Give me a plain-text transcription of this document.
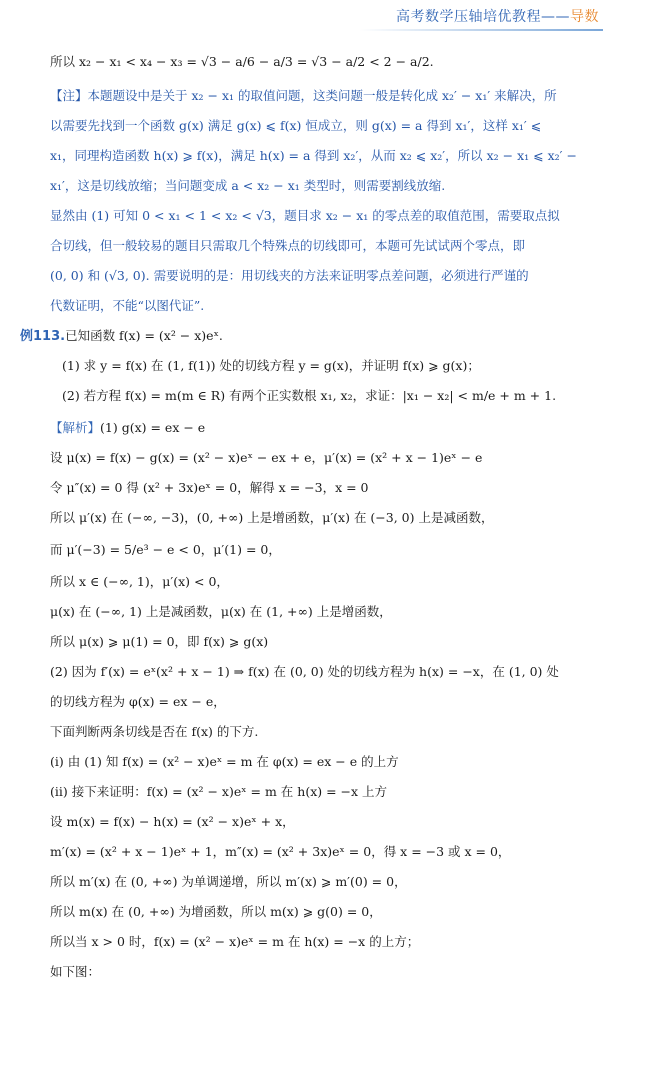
高考数学压轴培优教程——导数
所以 x₂ − x₁ < x₄ − x₃ = √3 − a/6 − a/3 = √3 − a/2 < 2 − a/2.
【注】本题题设中是关于 x₂ − x₁ 的取值问题，这类问题一般是转化成 x₂′ − x₁′ 来解决，所
以需要先找到一个函数 g(x) 满足 g(x) ⩽ f(x) 恒成立，则 g(x) = a 得到 x₁′，这样 x₁′ ⩽
x₁，同理构造函数 h(x) ⩾ f(x)，满足 h(x) = a 得到 x₂′，从而 x₂ ⩽ x₂′，所以 x₂ − x₁ ⩽ x₂′ −
x₁′，这是切线放缩；当问题变成 a < x₂ − x₁ 类型时，则需要割线放缩.
显然由 (1) 可知 0 < x₁ < 1 < x₂ < √3，题目求 x₂ − x₁ 的零点差的取值范围，需要取点拟
合切线，但一般较易的题目只需取几个特殊点的切线即可，本题可先试试两个零点，即
(0, 0) 和 (√3, 0). 需要说明的是：用切线夹的方法来证明零点差问题，必须进行严谨的
代数证明，不能“以图代证”.
例113.已知函数 f(x) = (x² − x)eˣ.
(1) 求 y = f(x) 在 (1, f(1)) 处的切线方程 y = g(x)，并证明 f(x) ⩾ g(x)；
(2) 若方程 f(x) = m(m ∈ R) 有两个正实数根 x₁, x₂，求证：|x₁ − x₂| < m/e + m + 1.
【解析】(1) g(x) = ex − e
设 μ(x) = f(x) − g(x) = (x² − x)eˣ − ex + e，μ′(x) = (x² + x − 1)eˣ − e
令 μ″(x) = 0 得 (x² + 3x)eˣ = 0，解得 x = −3，x = 0
所以 μ′(x) 在 (−∞, −3)，(0, +∞) 上是增函数，μ′(x) 在 (−3, 0) 上是减函数，
而 μ′(−3) = 5/e³ − e < 0，μ′(1) = 0，
所以 x ∈ (−∞, 1)，μ′(x) < 0，
μ(x) 在 (−∞, 1) 上是减函数，μ(x) 在 (1, +∞) 上是增函数，
所以 μ(x) ⩾ μ(1) = 0，即 f(x) ⩾ g(x)
(2) 因为 f′(x) = eˣ(x² + x − 1) ⇒ f(x) 在 (0, 0) 处的切线方程为 h(x) = −x，在 (1, 0) 处
的切线方程为 φ(x) = ex − e，
下面判断两条切线是否在 f(x) 的下方.
(i) 由 (1) 知 f(x) = (x² − x)eˣ = m 在 φ(x) = ex − e 的上方
(ii) 接下来证明：f(x) = (x² − x)eˣ = m 在 h(x) = −x 上方
设 m(x) = f(x) − h(x) = (x² − x)eˣ + x，
m′(x) = (x² + x − 1)eˣ + 1，m″(x) = (x² + 3x)eˣ = 0，得 x = −3 或 x = 0，
所以 m′(x) 在 (0, +∞) 为单调递增，所以 m′(x) ⩾ m′(0) = 0，
所以 m(x) 在 (0, +∞) 为增函数，所以 m(x) ⩾ g(0) = 0，
所以当 x > 0 时，f(x) = (x² − x)eˣ = m 在 h(x) = −x 的上方；
如下图：
